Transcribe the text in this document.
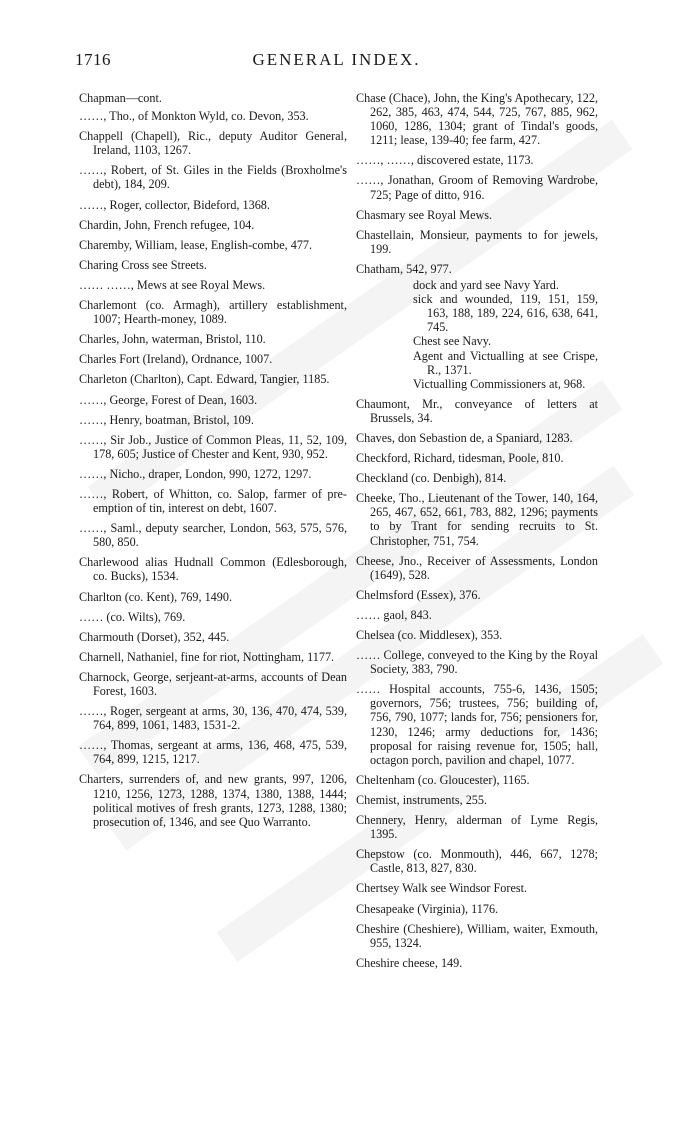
1716	GENERAL INDEX.

Chapman—cont.

……, Tho., of Monkton Wyld, co. Devon, 353.

Chappell (Chapell), Ric., deputy Auditor General, Ireland, 1103, 1267.

……, Robert, of St. Giles in the Fields (Broxholme's debt), 184, 209.

……, Roger, collector, Bideford, 1368.

Chardin, John, French refugee, 104.

Charemby, William, lease, English-combe, 477.

Charing Cross see Streets.

…… ……, Mews at see Royal Mews.

Charlemont (co. Armagh), artillery establishment, 1007; Hearth-money, 1089.

Charles, John, waterman, Bristol, 110.

Charles Fort (Ireland), Ordnance, 1007.

Charleton (Charlton), Capt. Edward, Tangier, 1185.

……, George, Forest of Dean, 1603.

……, Henry, boatman, Bristol, 109.

……, Sir Job., Justice of Common Pleas, 11, 52, 109, 178, 605; Justice of Chester and Kent, 930, 952.

……, Nicho., draper, London, 990, 1272, 1297.

……, Robert, of Whitton, co. Salop, farmer of pre-emption of tin, interest on debt, 1607.

……, Saml., deputy searcher, London, 563, 575, 576, 580, 850.

Charlewood alias Hudnall Common (Edlesborough, co. Bucks), 1534.

Charlton (co. Kent), 769, 1490.

…… (co. Wilts), 769.

Charmouth (Dorset), 352, 445.

Charnell, Nathaniel, fine for riot, Nottingham, 1177.

Charnock, George, serjeant-at-arms, accounts of Dean Forest, 1603.

……, Roger, sergeant at arms, 30, 136, 470, 474, 539, 764, 899, 1061, 1483, 1531-2.

……, Thomas, sergeant at arms, 136, 468, 475, 539, 764, 899, 1215, 1217.

Charters, surrenders of, and new grants, 997, 1206, 1210, 1256, 1273, 1288, 1374, 1380, 1388, 1444; political motives of fresh grants, 1273, 1288, 1380; prosecution of, 1346, and see Quo Warranto.

Chase (Chace), John, the King's Apothecary, 122, 262, 385, 463, 474, 544, 725, 767, 885, 962, 1060, 1286, 1304; grant of Tindal's goods, 1211; lease, 139-40; fee farm, 427.

……, ……, discovered estate, 1173.

……, Jonathan, Groom of Removing Wardrobe, 725; Page of ditto, 916.

Chasmary see Royal Mews.

Chastellain, Monsieur, payments to for jewels, 199.

Chatham, 542, 977.

dock and yard see Navy Yard.

sick and wounded, 119, 151, 159, 163, 188, 189, 224, 616, 638, 641, 745.

Chest see Navy.

Agent and Victualling at see Crispe, R., 1371.

Victualling Commissioners at, 968.

Chaumont, Mr., conveyance of letters at Brussels, 34.

Chaves, don Sebastion de, a Spaniard, 1283.

Checkford, Richard, tidesman, Poole, 810.

Checkland (co. Denbigh), 814.

Cheeke, Tho., Lieutenant of the Tower, 140, 164, 265, 467, 652, 661, 783, 882, 1296; payments to by Trant for sending recruits to St. Christopher, 751, 754.

Cheese, Jno., Receiver of Assessments, London (1649), 528.

Chelmsford (Essex), 376.

…… gaol, 843.

Chelsea (co. Middlesex), 353.

…… College, conveyed to the King by the Royal Society, 383, 790.

…… Hospital accounts, 755-6, 1436, 1505; governors, 756; trustees, 756; building of, 756, 790, 1077; lands for, 756; pensioners for, 1230, 1246; army deductions for, 1436; proposal for raising revenue for, 1505; hall, octagon porch, pavilion and chapel, 1077.

Cheltenham (co. Gloucester), 1165.

Chemist, instruments, 255.

Chennery, Henry, alderman of Lyme Regis, 1395.

Chepstow (co. Monmouth), 446, 667, 1278; Castle, 813, 827, 830.

Chertsey Walk see Windsor Forest.

Chesapeake (Virginia), 1176.

Cheshire (Cheshiere), William, waiter, Exmouth, 955, 1324.

Cheshire cheese, 149.
